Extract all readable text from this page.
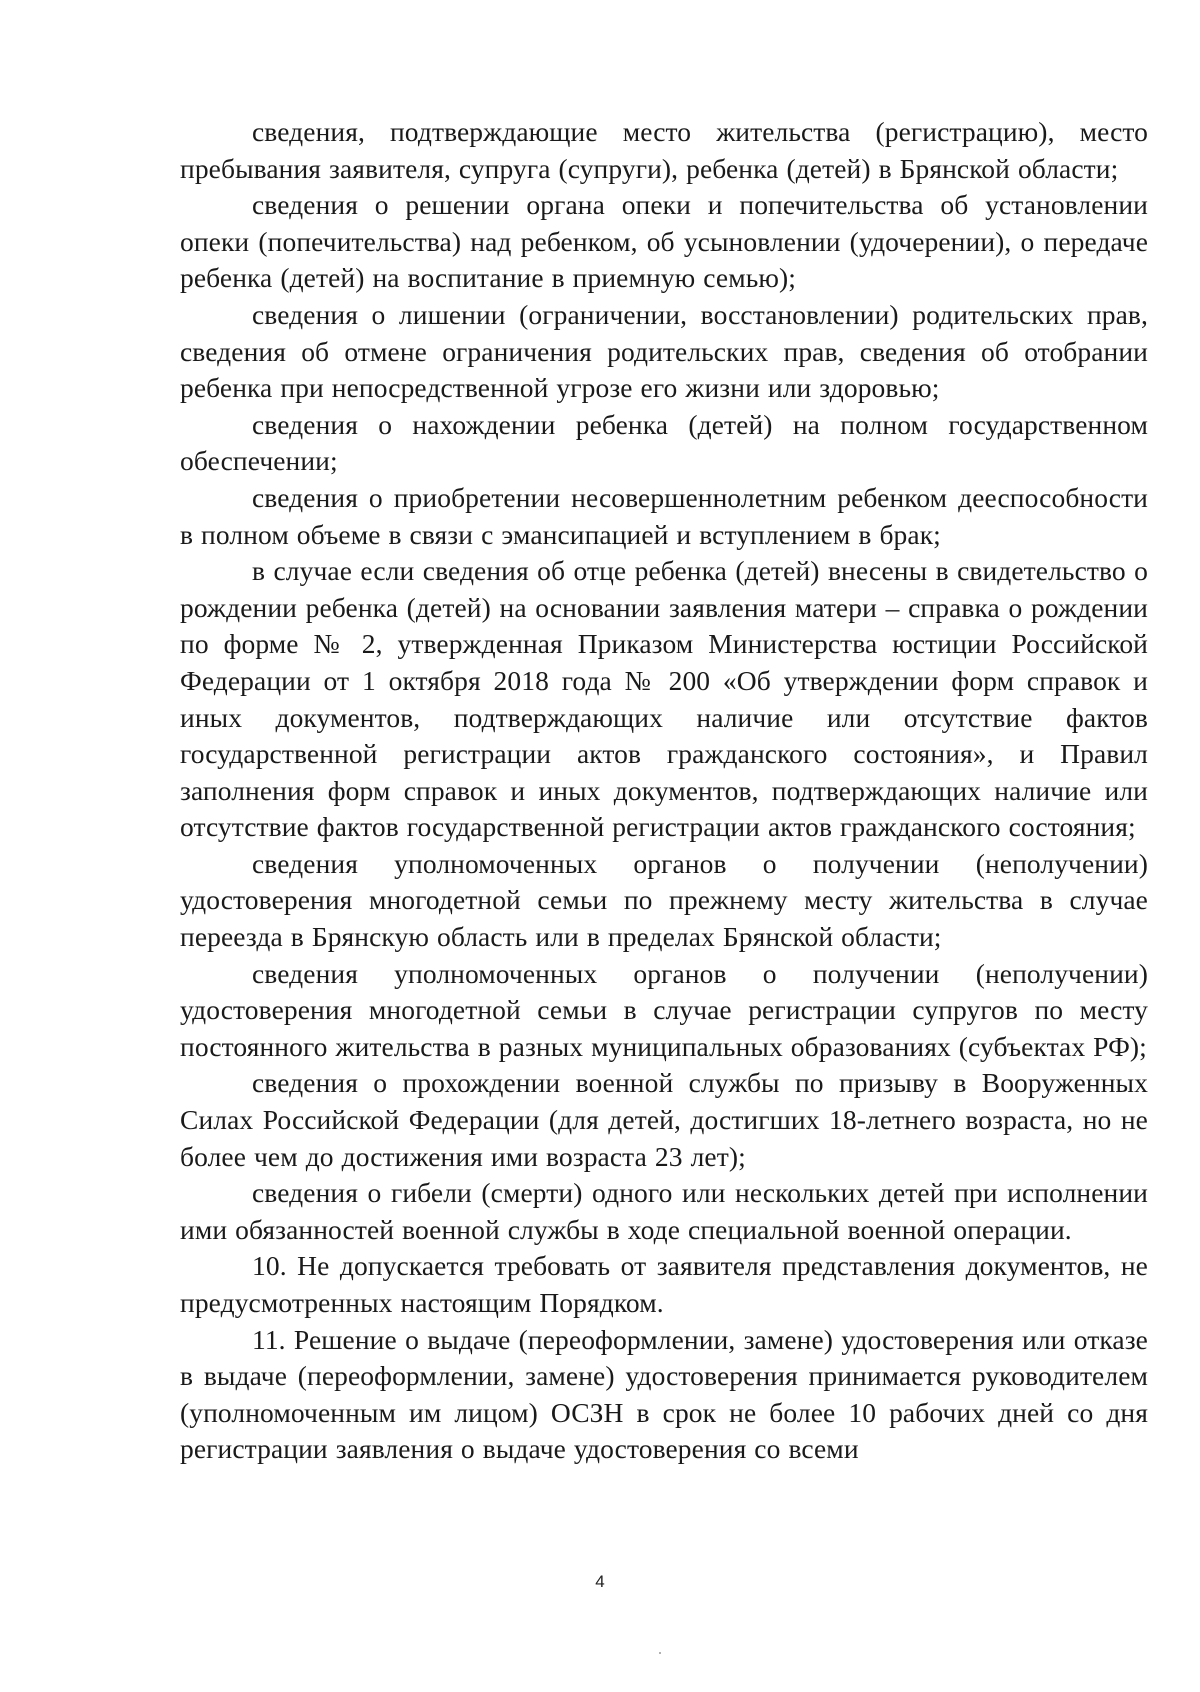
сведения, подтверждающие место жительства (регистрацию), место пребывания заявителя, супруга (супруги), ребенка (детей) в Брянской области;

сведения о решении органа опеки и попечительства об установлении опеки (попечительства) над ребенком, об усыновлении (удочерении), о передаче ребенка (детей) на воспитание в приемную семью);

сведения о лишении (ограничении, восстановлении) родительских прав, сведения об отмене ограничения родительских прав, сведения об отобрании ребенка при непосредственной угрозе его жизни или здоровью;

сведения о нахождении ребенка (детей) на полном государственном обеспечении;

сведения о приобретении несовершеннолетним ребенком дееспособности в полном объеме в связи с эмансипацией и вступлением в брак;

в случае если сведения об отце ребенка (детей) внесены в свидетельство о рождении ребенка (детей) на основании заявления матери – справка о рождении по форме № 2, утвержденная Приказом Министерства юстиции Российской Федерации от 1 октября 2018 года № 200 «Об утверждении форм справок и иных документов, подтверждающих наличие или отсутствие фактов государственной регистрации актов гражданского состояния», и Правил заполнения форм справок и иных документов, подтверждающих наличие или отсутствие фактов государственной регистрации актов гражданского состояния;

сведения уполномоченных органов о получении (неполучении) удостоверения многодетной семьи по прежнему месту жительства в случае переезда в Брянскую область или в пределах Брянской области;

сведения уполномоченных органов о получении (неполучении) удостоверения многодетной семьи в случае регистрации супругов по месту постоянного жительства в разных муниципальных образованиях (субъектах РФ);

сведения о прохождении военной службы по призыву в Вооруженных Силах Российской Федерации (для детей, достигших 18-летнего возраста, но не более чем до достижения ими возраста 23 лет);

сведения о гибели (смерти) одного или нескольких детей при исполнении ими обязанностей военной службы в ходе специальной военной операции.

10. Не допускается требовать от заявителя представления документов, не предусмотренных настоящим Порядком.

11. Решение о выдаче (переоформлении, замене) удостоверения или отказе в выдаче (переоформлении, замене) удостоверения принимается руководителем (уполномоченным им лицом) ОСЗН в срок не более 10 рабочих дней со дня регистрации заявления о выдаче удостоверения со всеми

4
